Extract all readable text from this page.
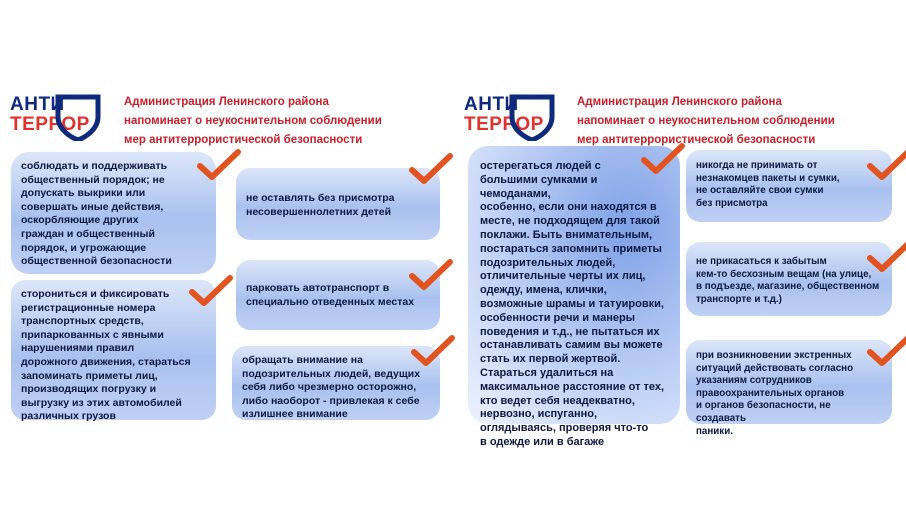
АНТИ
ТЕРРОР
Администрация Ленинского района
напоминает о неукоснительном соблюдении
мер антитеррористической безопасности
соблюдать и поддерживать
общественный порядок; не
допускать выкрики или
совершать иные действия,
оскорбляющие других
граждан и общественный
порядок, и угрожающие
общественной безопасности
не оставлять без присмотра
несовершеннолетних детей
сторониться и фиксировать
регистрационные номера
транспортных средств,
припаркованных с явными
нарушениями правил
дорожного движения, стараться
запоминать приметы лиц,
производящих погрузку и
выгрузку из этих автомобилей
различных грузов
парковать автотранспорт в
специально отведенных местах
обращать внимание на
подозрительных людей, ведущих
себя либо чрезмерно осторожно,
либо наоборот - привлекая к себе
излишнее внимание
АНТИ
ТЕРРОР
Администрация Ленинского района
напоминает о неукоснительном соблюдении
мер антитеррористической безопасности
остерегаться людей с
большими сумками и чемоданами,
особенно, если они находятся в
месте, не подходящем для такой
поклажи. Быть внимательным,
постараться запомнить приметы
подозрительных людей,
отличительные черты их лиц,
одежду, имена, клички,
возможные шрамы и татуировки,
особенности речи и манеры
поведения и т.д., не пытаться их
останавливать самим вы можете
стать их первой жертвой.
Стараться удалиться на
максимальное расстояние от тех,
кто ведет себя неадекватно,
нервозно, испуганно,
оглядываясь, проверяя что-то
в одежде или в багаже
никогда не принимать от
незнакомцев пакеты и сумки,
не оставляйте свои сумки
без присмотра
не прикасаться к забытым
кем-то бесхозным вещам (на улице,
в подъезде, магазине, общественном
транспорте и т.д.)
при возникновении экстренных
ситуаций действовать согласно
указаниям сотрудников
правоохранительных органов
и органов безопасности, не создавать
паники.
